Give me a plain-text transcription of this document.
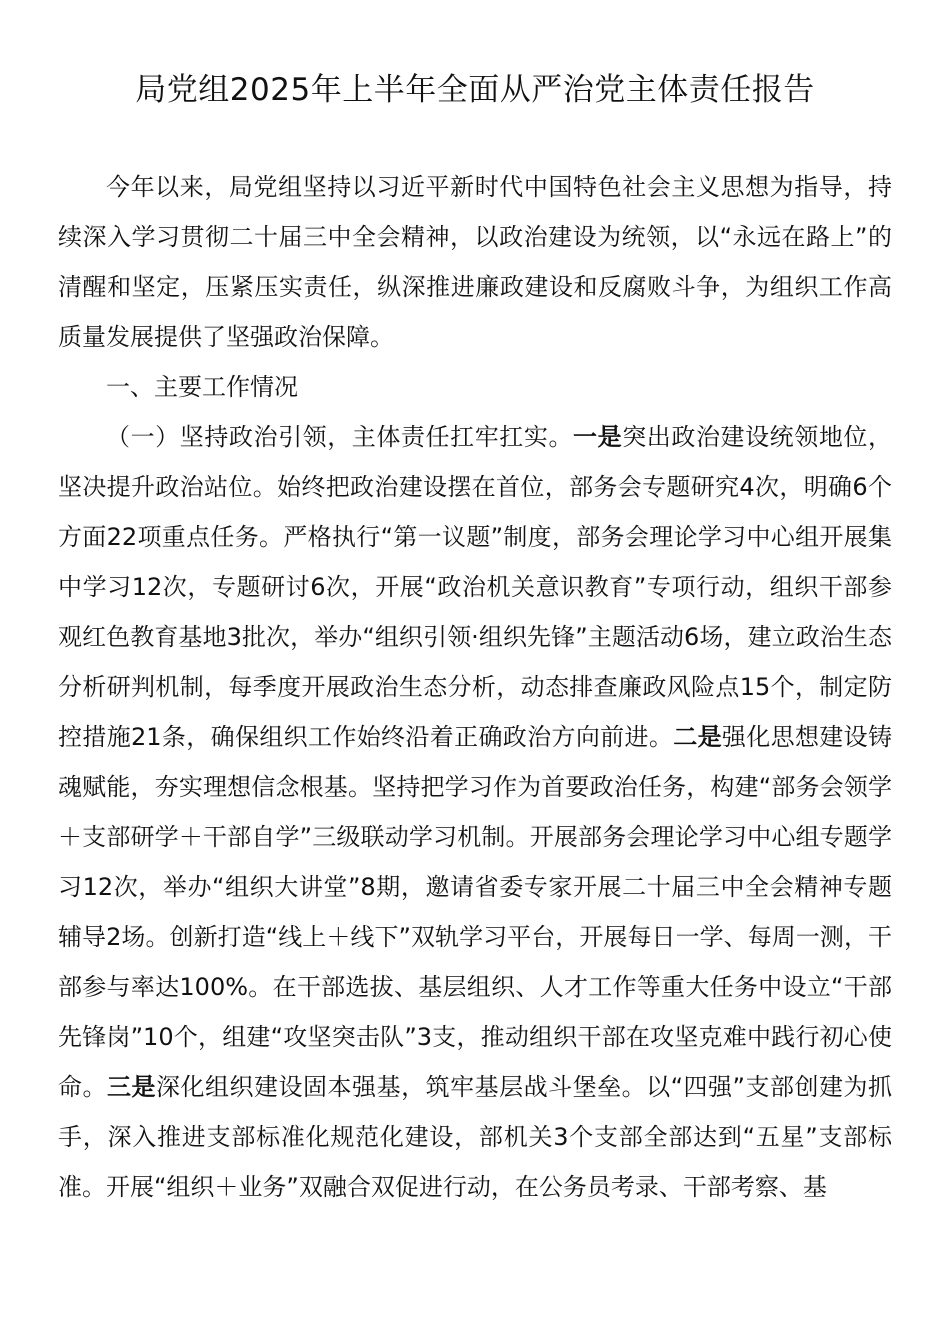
局党组2025年上半年全面从严治党主体责任报告

今年以来，局党组坚持以习近平新时代中国特色社会主义思想为指导，持续深入学习贯彻二十届三中全会精神，以政治建设为统领，以“永远在路上”的清醒和坚定，压紧压实责任，纵深推进廉政建设和反腐败斗争，为组织工作高质量发展提供了坚强政治保障。

一、主要工作情况

（一）坚持政治引领，主体责任扛牢扛实。一是突出政治建设统领地位，坚决提升政治站位。始终把政治建设摆在首位，部务会专题研究4次，明确6个方面22项重点任务。严格执行“第一议题”制度，部务会理论学习中心组开展集中学习12次，专题研讨6次，开展“政治机关意识教育”专项行动，组织干部参观红色教育基地3批次，举办“组织引领·组织先锋”主题活动6场，建立政治生态分析研判机制，每季度开展政治生态分析，动态排查廉政风险点15个，制定防控措施21条，确保组织工作始终沿着正确政治方向前进。二是强化思想建设铸魂赋能，夯实理想信念根基。坚持把学习作为首要政治任务，构建“部务会领学＋支部研学＋干部自学”三级联动学习机制。开展部务会理论学习中心组专题学习12次，举办“组织大讲堂”8期，邀请省委专家开展二十届三中全会精神专题辅导2场。创新打造“线上＋线下”双轨学习平台，开展每日一学、每周一测，干部参与率达100%。在干部选拔、基层组织、人才工作等重大任务中设立“干部先锋岗”10个，组建“攻坚突击队”3支，推动组织干部在攻坚克难中践行初心使命。三是深化组织建设固本强基，筑牢基层战斗堡垒。以“四强”支部创建为抓手，深入推进支部标准化规范化建设，部机关3个支部全部达到“五星”支部标准。开展“组织＋业务”双融合双促进行动，在公务员考录、干部考察、基
